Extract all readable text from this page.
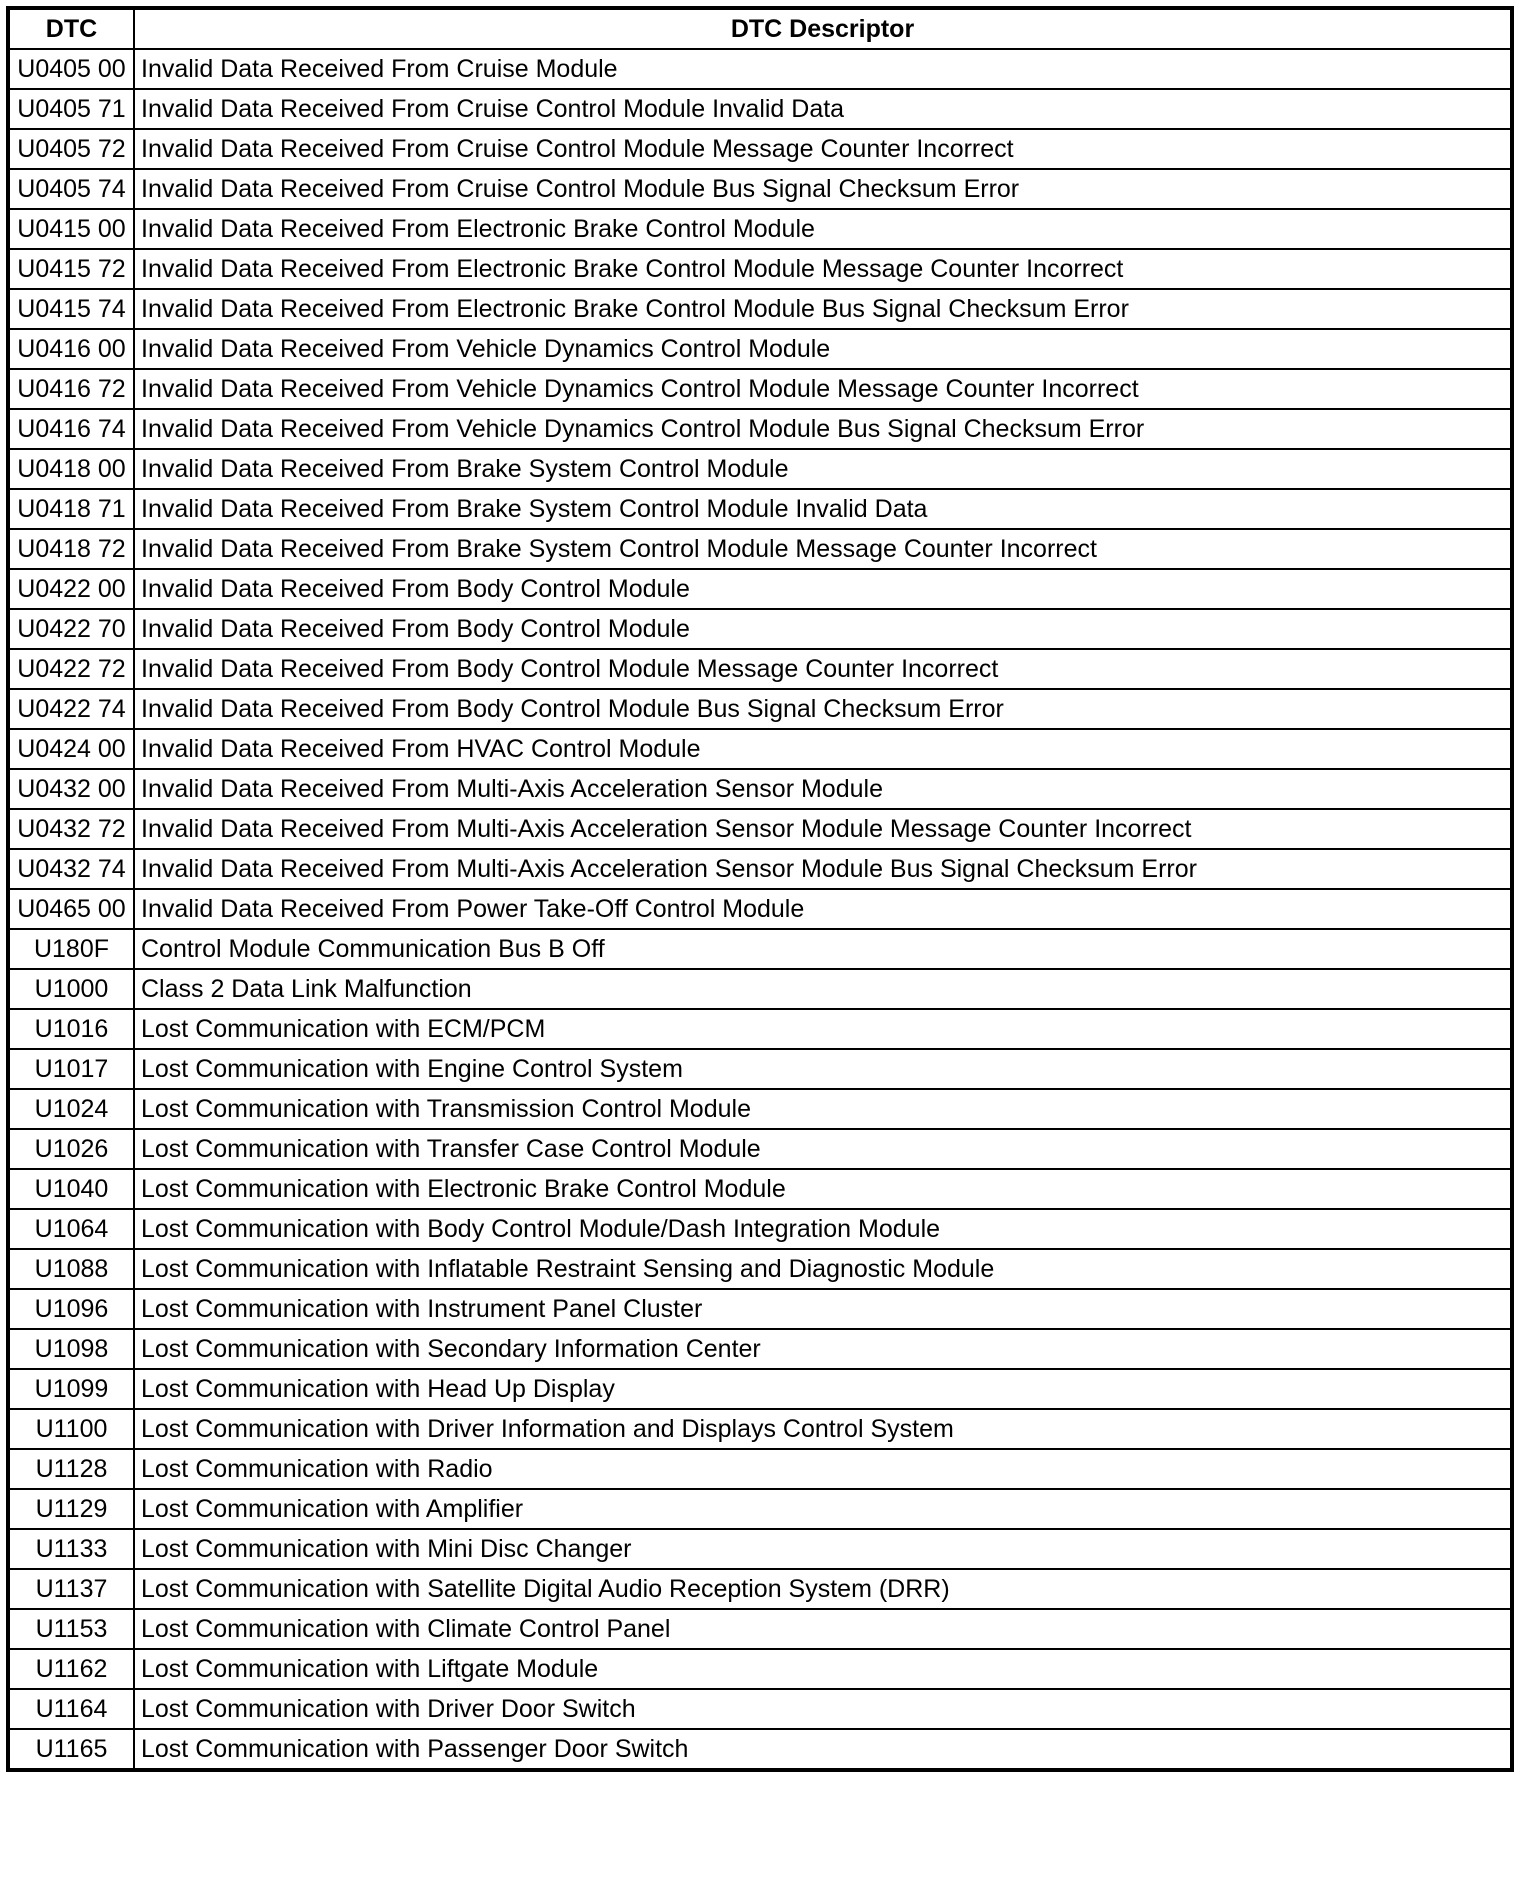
DTC	DTC Descriptor
U0405 00	Invalid Data Received From Cruise Module
U0405 71	Invalid Data Received From Cruise Control Module Invalid Data
U0405 72	Invalid Data Received From Cruise Control Module Message Counter Incorrect
U0405 74	Invalid Data Received From Cruise Control Module Bus Signal Checksum Error
U0415 00	Invalid Data Received From Electronic Brake Control Module
U0415 72	Invalid Data Received From Electronic Brake Control Module Message Counter Incorrect
U0415 74	Invalid Data Received From Electronic Brake Control Module Bus Signal Checksum Error
U0416 00	Invalid Data Received From Vehicle Dynamics Control Module
U0416 72	Invalid Data Received From Vehicle Dynamics Control Module Message Counter Incorrect
U0416 74	Invalid Data Received From Vehicle Dynamics Control Module Bus Signal Checksum Error
U0418 00	Invalid Data Received From Brake System Control Module
U0418 71	Invalid Data Received From Brake System Control Module Invalid Data
U0418 72	Invalid Data Received From Brake System Control Module Message Counter Incorrect
U0422 00	Invalid Data Received From Body Control Module
U0422 70	Invalid Data Received From Body Control Module
U0422 72	Invalid Data Received From Body Control Module Message Counter Incorrect
U0422 74	Invalid Data Received From Body Control Module Bus Signal Checksum Error
U0424 00	Invalid Data Received From HVAC Control Module
U0432 00	Invalid Data Received From Multi-Axis Acceleration Sensor Module
U0432 72	Invalid Data Received From Multi-Axis Acceleration Sensor Module Message Counter Incorrect
U0432 74	Invalid Data Received From Multi-Axis Acceleration Sensor Module Bus Signal Checksum Error
U0465 00	Invalid Data Received From Power Take-Off Control Module
U180F	Control Module Communication Bus B Off
U1000	Class 2 Data Link Malfunction
U1016	Lost Communication with ECM/PCM
U1017	Lost Communication with Engine Control System
U1024	Lost Communication with Transmission Control Module
U1026	Lost Communication with Transfer Case Control Module
U1040	Lost Communication with Electronic Brake Control Module
U1064	Lost Communication with Body Control Module/Dash Integration Module
U1088	Lost Communication with Inflatable Restraint Sensing and Diagnostic Module
U1096	Lost Communication with Instrument Panel Cluster
U1098	Lost Communication with Secondary Information Center
U1099	Lost Communication with Head Up Display
U1100	Lost Communication with Driver Information and Displays Control System
U1128	Lost Communication with Radio
U1129	Lost Communication with Amplifier
U1133	Lost Communication with Mini Disc Changer
U1137	Lost Communication with Satellite Digital Audio Reception System (DRR)
U1153	Lost Communication with Climate Control Panel
U1162	Lost Communication with Liftgate Module
U1164	Lost Communication with Driver Door Switch
U1165	Lost Communication with Passenger Door Switch
